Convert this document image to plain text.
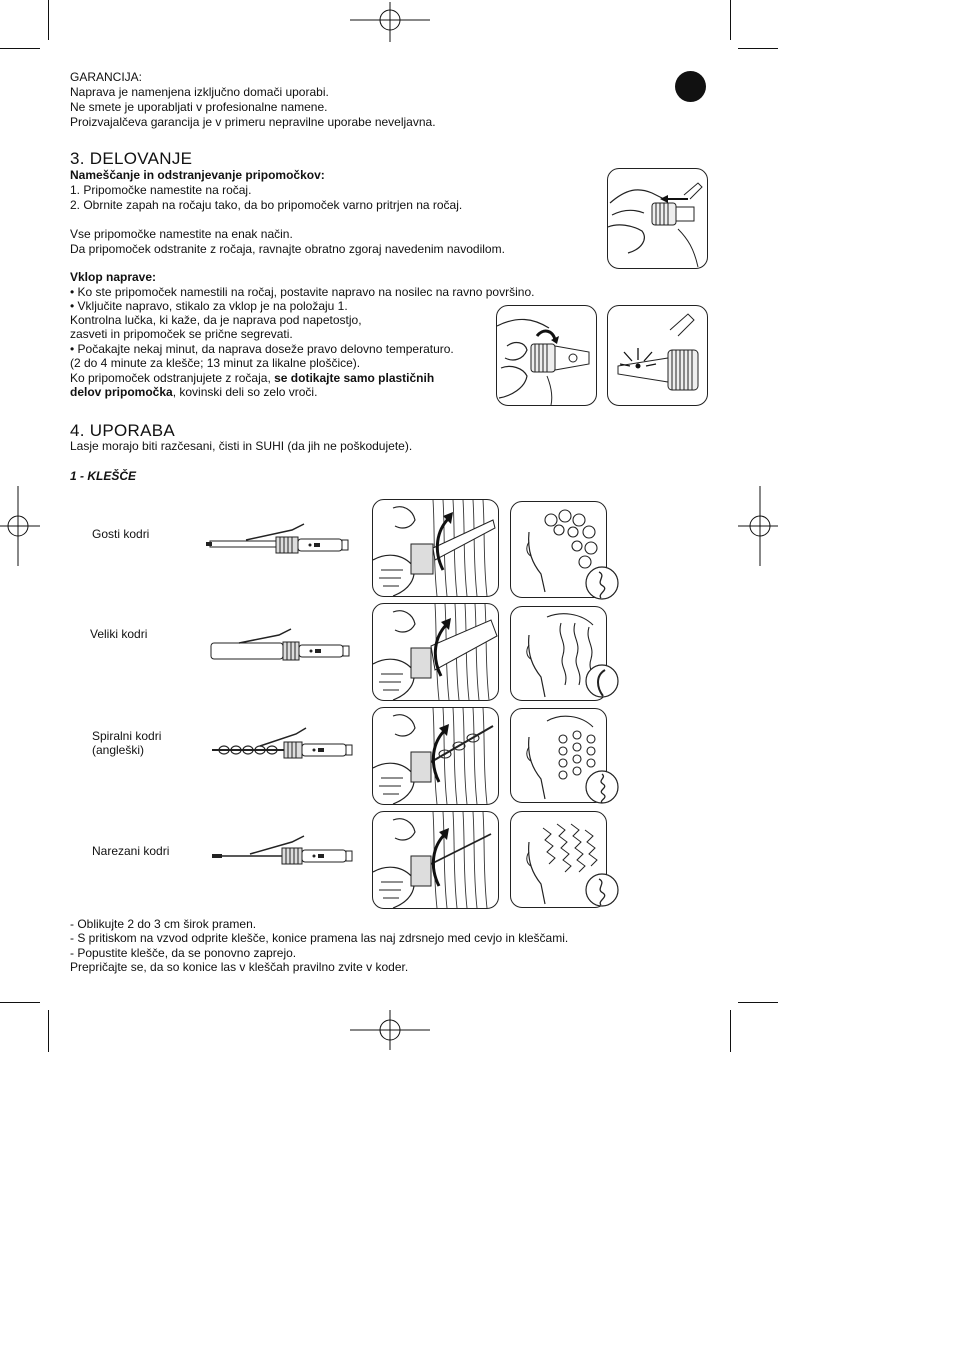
GARANCIJA:
Naprava je namenjena izključno domači uporabi.
Ne smete je uporabljati v profesionalne namene.
Proizvajalčeva garancija je v primeru nepravilne uporabe neveljavna.
3. DELOVANJE
Nameščanje in odstranjevanje pripomočkov:
1. Pripomočke namestite na ročaj.
2. Obrnite zapah na ročaju tako, da bo pripomoček varno pritrjen na ročaj.
Vse pripomočke namestite na enak način.
Da pripomoček odstranite z ročaja, ravnajte obratno zgoraj navedenim navodilom.
Vklop naprave:
• Ko ste pripomoček namestili na ročaj, postavite napravo na nosilec na ravno površino.
• Vključite napravo, stikalo za vklop je na položaju 1.
Kontrolna lučka, ki kaže, da je naprava pod napetostjo,
zasveti in pripomoček se prične segrevati.
• Počakajte nekaj minut, da naprava doseže pravo delovno temperaturo.
(2 do 4 minute za klešče; 13 minut za likalne ploščice).
Ko pripomoček odstranjujete z ročaja, se dotikajte samo plastičnih
delov pripomočka, kovinski deli so zelo vroči.
4. UPORABA
Lasje morajo biti razčesani, čisti in SUHI (da jih ne poškodujete).
1 - KLEŠČE
Gosti kodri
Veliki kodri
Spiralni kodri
(angleški)
Narezani kodri
- Oblikujte 2 do 3 cm širok pramen.
- S pritiskom na vzvod odprite klešče, konice pramena las naj zdrsnejo med cevjo in kleščami.
- Popustite klešče, da se ponovno zaprejo.
Prepričajte se, da so konice las v kleščah pravilno zvite v koder.
